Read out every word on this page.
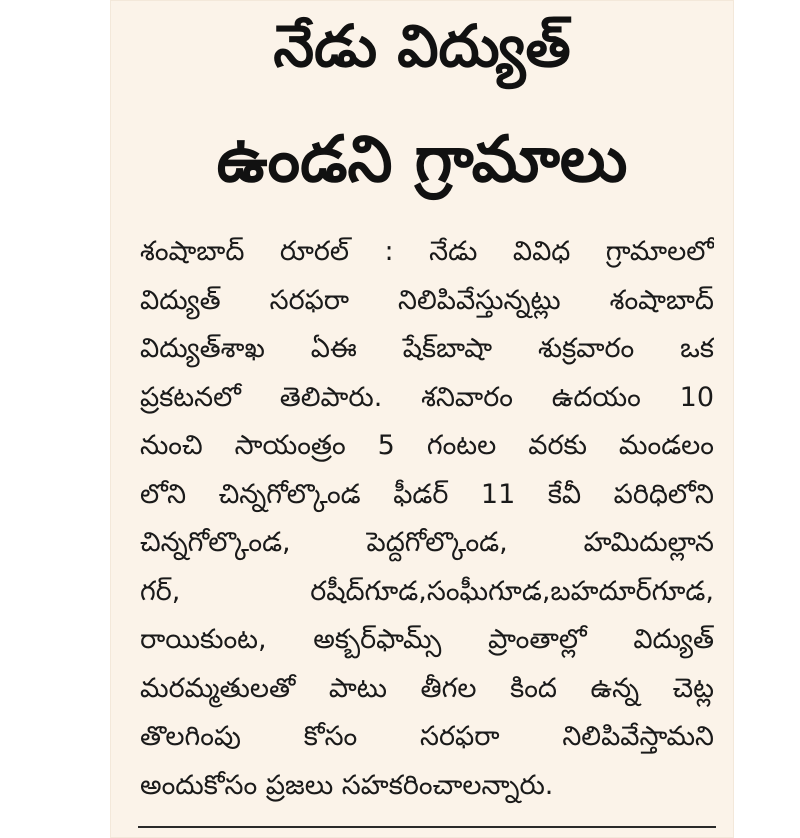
నేడు విద్యుత్
ఉండని గ్రామాలు
శంషాబాద్ రూరల్ : నేడు వివిధ గ్రామాలలో
విద్యుత్ సరఫరా నిలిపివేస్తున్నట్లు శంషాబాద్
విద్యుత్‌శాఖ ఏఈ షేక్‌బాషా శుక్రవారం ఒక
ప్రకటనలో తెలిపారు. శనివారం ఉదయం 10
నుంచి సాయంత్రం 5 గంటల వరకు మండలం
లోని చిన్నగోల్కొండ ఫీడర్ 11 కేవీ పరిధిలోని
చిన్నగోల్కొండ, పెద్దగోల్కొండ, హమిదుల్లాన
గర్, రషీద్‌గూడ,సంఘీగూడ,బహదూర్‌గూడ,
రాయికుంట, అక్బర్‌ఫామ్స్ ప్రాంతాల్లో విద్యుత్
మరమ్మతులతో పాటు తీగల కింద ఉన్న చెట్ల
తొలగింపు కోసం సరఫరా నిలిపివేస్తామని
అందుకోసం ప్రజలు సహకరించాలన్నారు.
